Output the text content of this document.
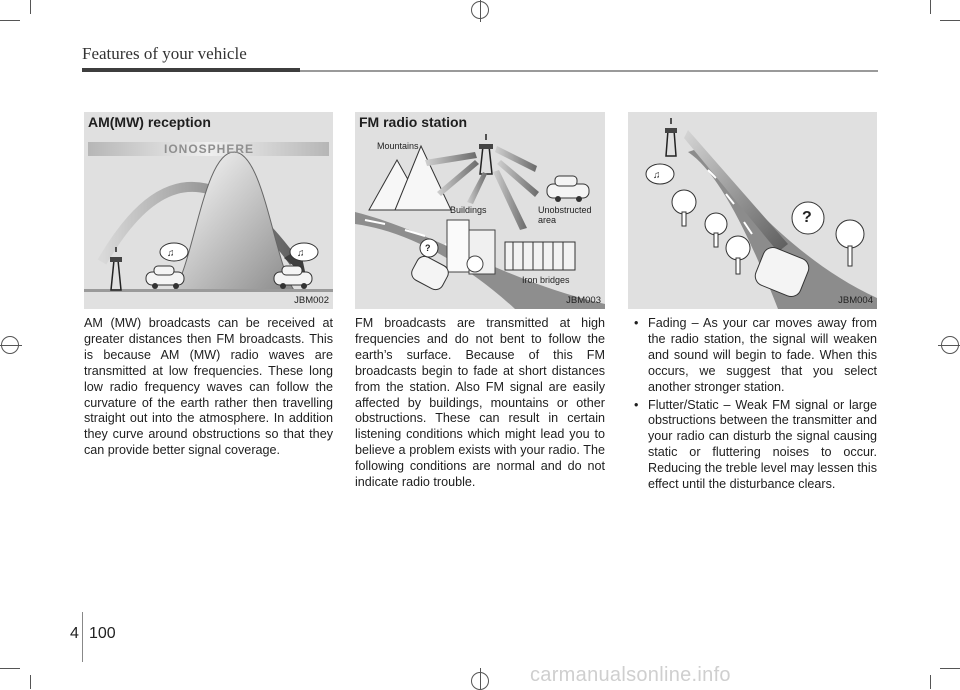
Features of your vehicle
♫	♫
AM(MW) reception
IONOSPHERE
JBM002
FM radio station
Mountains
Buildings	Unobstructed area
Iron bridges
?
JBM003
♫
?
JBM004

AM (MW) broadcasts can be received at greater distances then FM broadcasts. This is because AM (MW) radio waves are transmitted at low frequencies. These long low radio frequency waves can follow the curvature of the earth rather then travelling straight out into the atmosphere. In addition they curve around obstructions so that they can provide better signal coverage.

FM broadcasts are transmitted at high frequencies and do not bent to follow the earth’s surface. Because of this FM broadcasts begin to fade at short distances from the station. Also FM signal are easily affected by buildings, mountains or other obstructions. These can result in certain listening conditions which might lead you to believe a problem exists with your radio. The following conditions are normal and do not indicate radio trouble.

• Fading – As your car moves away from the radio station, the signal will weaken and sound will begin to fade. When this occurs, we suggest that you select another stronger station.
• Flutter/Static – Weak FM signal or large obstructions between the transmitter and your radio can disturb the signal causing static or fluttering noises to occur. Reducing the treble level may lessen this effect until the disturbance clears.
4 100
carmanualsonline.info
